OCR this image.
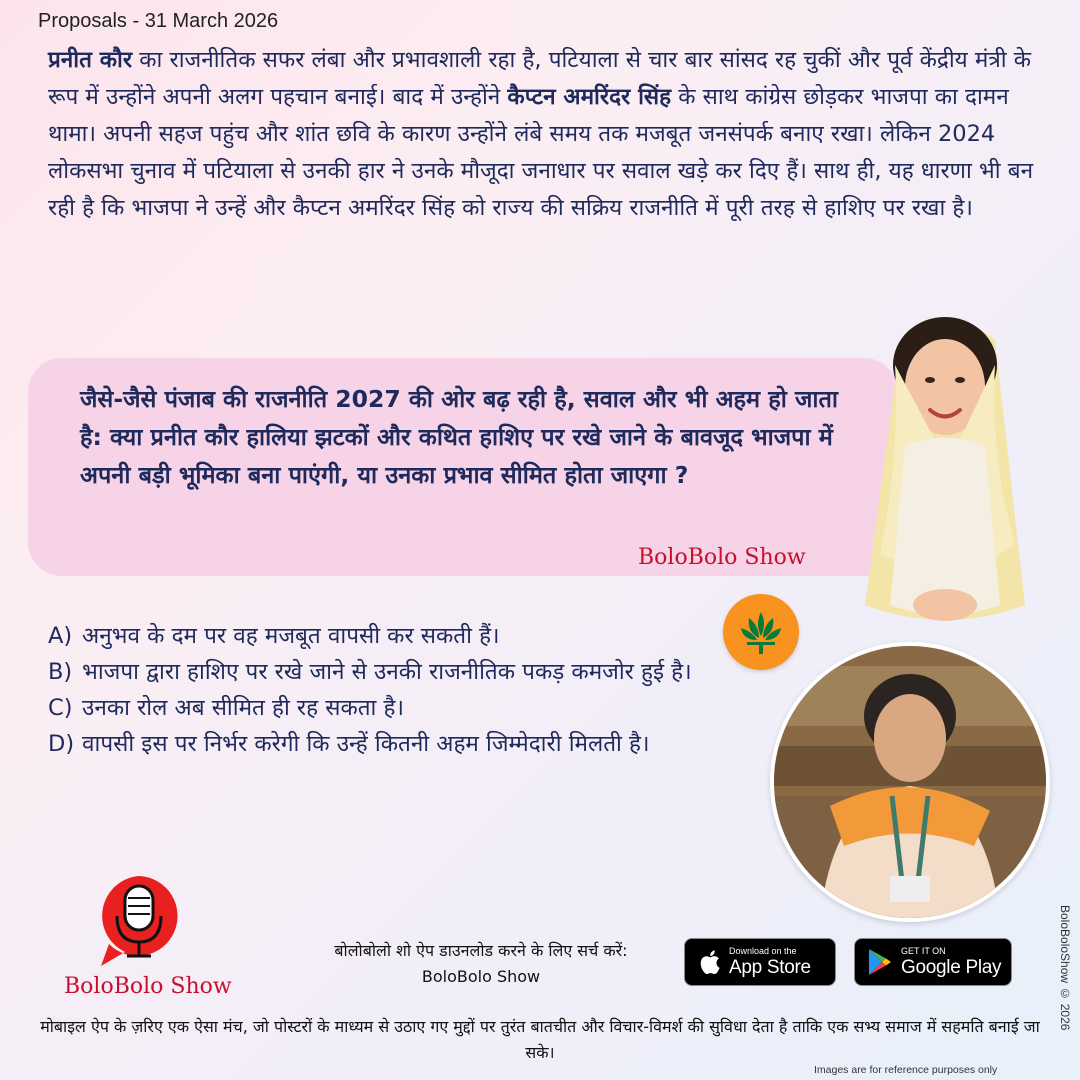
Proposals - 31 March 2026
प्रनीत कौर का राजनीतिक सफर लंबा और प्रभावशाली रहा है, पटियाला से चार बार सांसद रह चुकीं और पूर्व केंद्रीय मंत्री के रूप में उन्होंने अपनी अलग पहचान बनाई। बाद में उन्होंने कैप्टन अमरिंदर सिंह के साथ कांग्रेस छोड़कर भाजपा का दामन थामा। अपनी सहज पहुंच और शांत छवि के कारण उन्होंने लंबे समय तक मजबूत जनसंपर्क बनाए रखा। लेकिन 2024 लोकसभा चुनाव में पटियाला से उनकी हार ने उनके मौजूदा जनाधार पर सवाल खड़े कर दिए हैं। साथ ही, यह धारणा भी बन रही है कि भाजपा ने उन्हें और कैप्टन अमरिंदर सिंह को राज्य की सक्रिय राजनीति में पूरी तरह से हाशिए पर रखा है।
जैसे-जैसे पंजाब की राजनीति 2027 की ओर बढ़ रही है, सवाल और भी अहम हो जाता है: क्या प्रनीत कौर हालिया झटकों और कथित हाशिए पर रखे जाने के बावजूद भाजपा में अपनी बड़ी भूमिका बना पाएंगी, या उनका प्रभाव सीमित होता जाएगा ?
BoloBolo Show
A) अनुभव के दम पर वह मजबूत वापसी कर सकती हैं।
B) भाजपा द्वारा हाशिए पर रखे जाने से उनकी राजनीतिक पकड़ कमजोर हुई है।
C) उनका रोल अब सीमित ही रह सकता है।
D) वापसी इस पर निर्भर करेगी कि उन्हें कितनी अहम जिम्मेदारी मिलती है।
BoloBolo Show
बोलोबोलो शो ऐप डाउनलोड करने के लिए सर्च करें:
BoloBolo Show
Download on the
App Store
GET IT ON
Google Play
मोबाइल ऐप के ज़रिए एक ऐसा मंच, जो पोस्टरों के माध्यम से उठाए गए मुद्दों पर तुरंत बातचीत और विचार-विमर्श की सुविधा देता है ताकि एक सभ्य समाज में सहमति बनाई जा सके।
BoloBoloShow © 2026
Images are for reference purposes only
